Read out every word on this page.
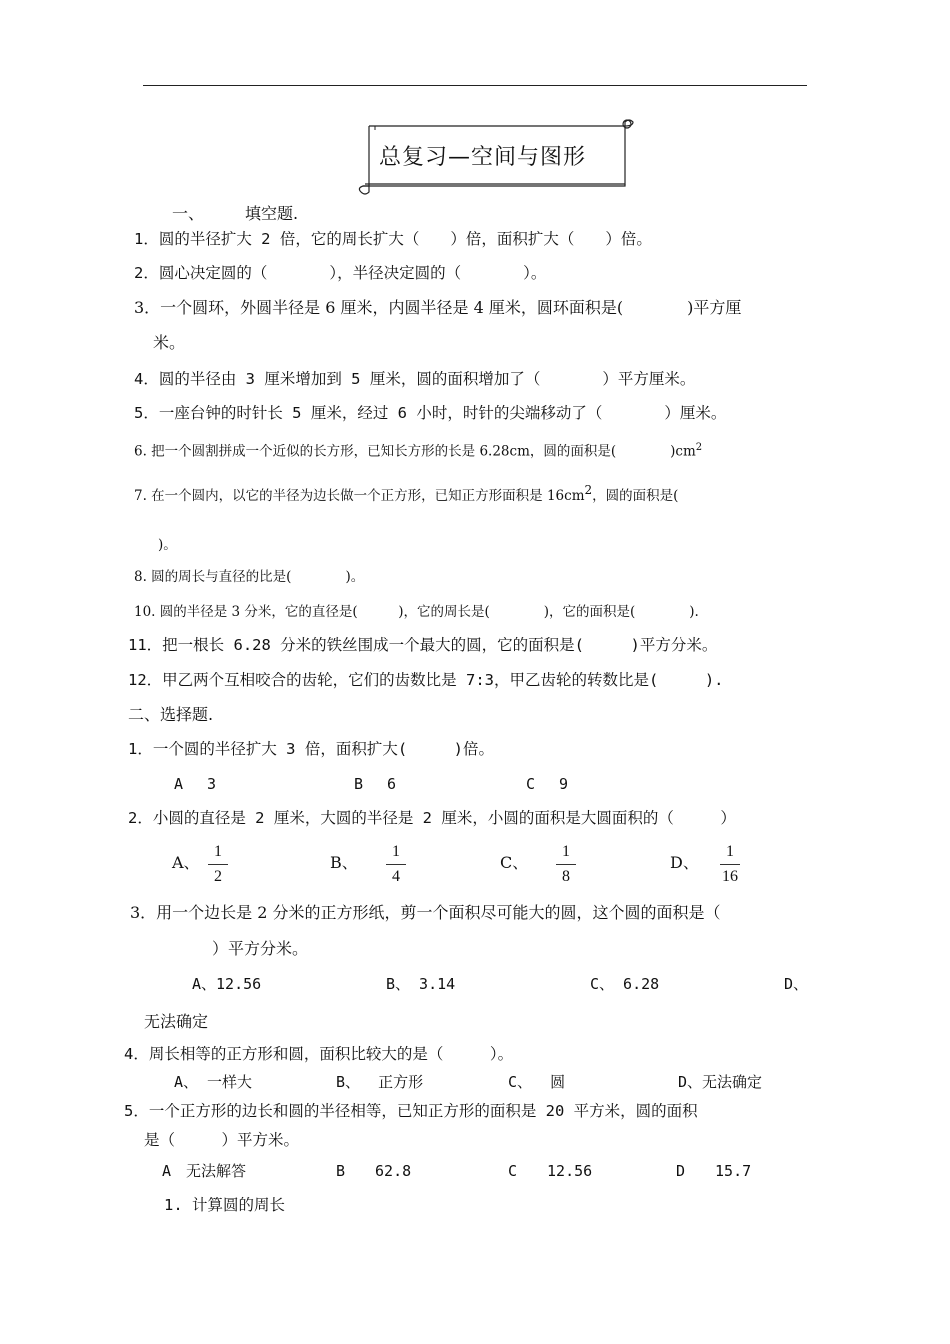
总复习—空间与图形
一、	填空题.
1．圆的半径扩大 2 倍，它的周长扩大（　　）倍，面积扩大（　　）倍。
2．圆心决定圆的（　　　　），半径决定圆的（　　　　）。
3．一个圆环，外圆半径是 6 厘米，内圆半径是 4 厘米，圆环面积是(　　　　)平方厘
米。
4．圆的半径由 3 厘米增加到 5 厘米，圆的面积增加了（　　　　）平方厘米。
5．一座台钟的时针长 5 厘米，经过 6 小时，时针的尖端移动了（　　　　）厘米。
6. 把一个圆割拼成一个近似的长方形，已知长方形的长是 6.28cm，圆的面积是(　　　　)$cm^2$
7. 在一个圆内，以它的半径为边长做一个正方形，已知正方形面积是 16cm2，圆的面积是(
)。
8. 圆的周长与直径的比是(　　　　)。
10. 圆的半径是 3 分米，它的直径是(　　　)，它的周长是(　　　　)，它的面积是(　　　　).
11．把一根长 6.28 分米的铁丝围成一个最大的圆，它的面积是(　　　)平方分米。
12．甲乙两个互相咬合的齿轮，它们的齿数比是 7:3，甲乙齿轮的转数比是(　　　).
二、选择题.
1．一个圆的半径扩大 3 倍，面积扩大(　　　)倍。
A　 3	B　 6	C　 9
2．小圆的直径是 2 厘米，大圆的半径是 2 厘米，小圆的面积是大圆面积的（　　　）
A、
1
2
B、
1
4
C、
1
8
D、
1
16
3．用一个边长是 2 分米的正方形纸，剪一个面积尽可能大的圆，这个圆的面积是（
）平方分米。
A、12.56	B、 3.14	C、 6.28	D、
无法确定
4．周长相等的正方形和圆，面积比较大的是（　　　）。
A、 一样大	B、  正方形	C、  圆	D、无法确定
5．一个正方形的边长和圆的半径相等，已知正方形的面积是 20 平方米，圆的面积
是（　　　）平方米。
A　无法解答	B　　62.8	C　　12.56	D　　15.7
1. 计算圆的周长
